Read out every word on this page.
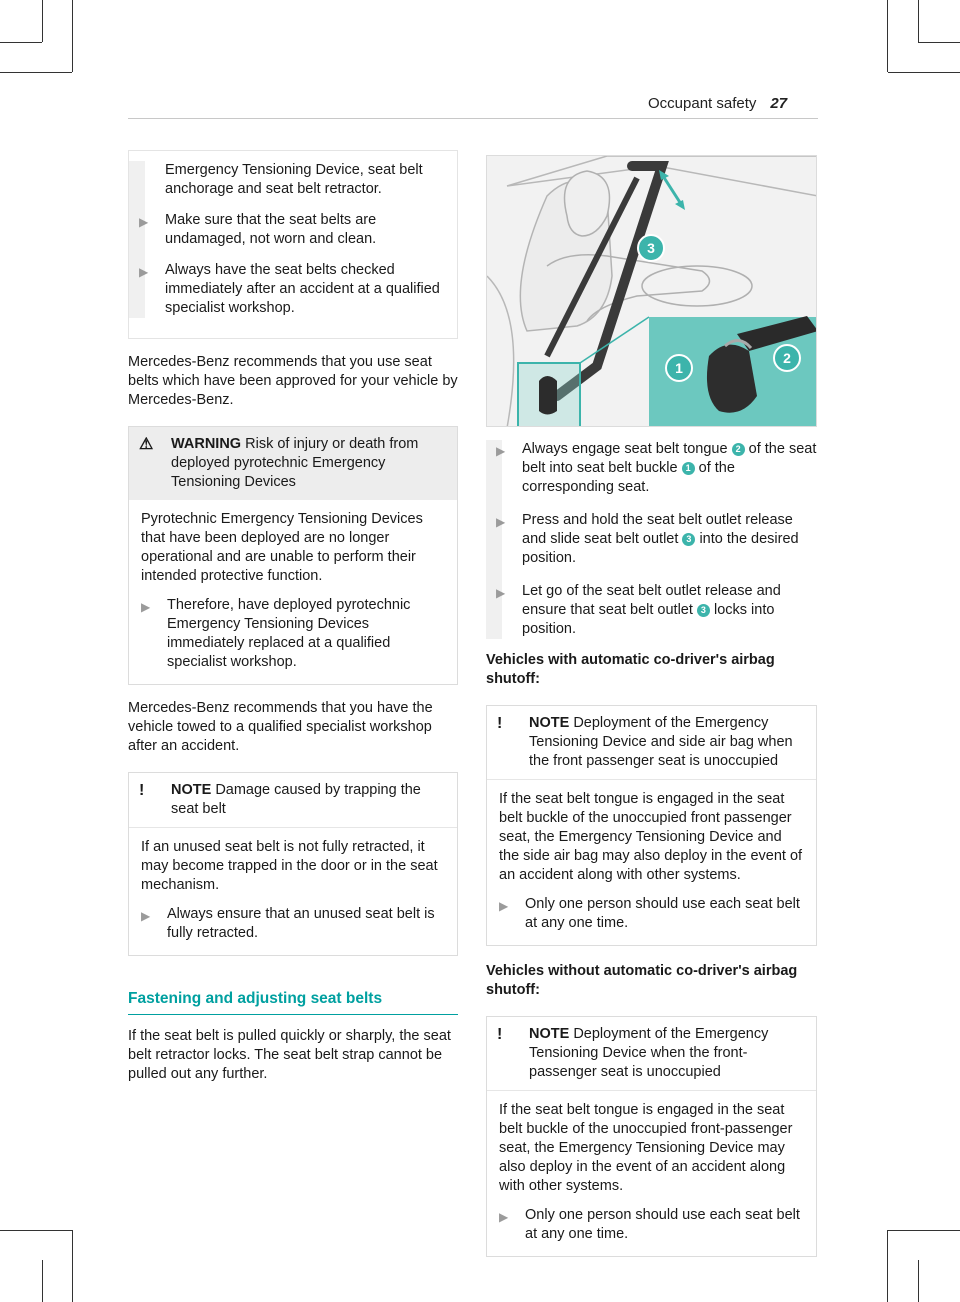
Occupant safety 27
Emergency Tensioning Device, seat belt anchorage and seat belt retractor.
▶	Make sure that the seat belts are undamaged, not worn and clean.
▶	Always have the seat belts checked immediately after an accident at a qualified specialist workshop.

Mercedes-Benz recommends that you use seat belts which have been approved for your vehicle by Mercedes-Benz.

⚠	WARNING Risk of injury or death from deployed pyrotechnic Emergency Tensioning Devices

Pyrotechnic Emergency Tensioning Devices that have been deployed are no longer operational and are unable to perform their intended protective function.

▶	Therefore, have deployed pyrotechnic Emergency Tensioning Devices immediately replaced at a qualified specialist workshop.

Mercedes-Benz recommends that you have the vehicle towed to a qualified specialist workshop after an accident.

!	NOTE Damage caused by trapping the seat belt

If an unused seat belt is not fully retracted, it may become trapped in the door or in the seat mechanism.

▶	Always ensure that an unused seat belt is fully retracted.

Fastening and adjusting seat belts

If the seat belt is pulled quickly or sharply, the seat belt retractor locks. The seat belt strap cannot be pulled out any further.

3
1
2
▶	Always engage seat belt tongue 2 of the seat belt into seat belt buckle 1 of the corresponding seat.
▶	Press and hold the seat belt outlet release and slide seat belt outlet 3 into the desired position.
▶	Let go of the seat belt outlet release and ensure that seat belt outlet 3 locks into position.

Vehicles with automatic co-driver's airbag shutoff:

!	NOTE Deployment of the Emergency Tensioning Device and side air bag when the front passenger seat is unoccupied

If the seat belt tongue is engaged in the seat belt buckle of the unoccupied front passenger seat, the Emergency Tensioning Device and the side air bag may also deploy in the event of an accident along with other systems.

▶	Only one person should use each seat belt at any one time.

Vehicles without automatic co-driver's airbag shutoff:

!	NOTE Deployment of the Emergency Tensioning Device when the front-passenger seat is unoccupied

If the seat belt tongue is engaged in the seat belt buckle of the unoccupied front-passenger seat, the Emergency Tensioning Device may also deploy in the event of an accident along with other systems.

▶	Only one person should use each seat belt at any one time.
